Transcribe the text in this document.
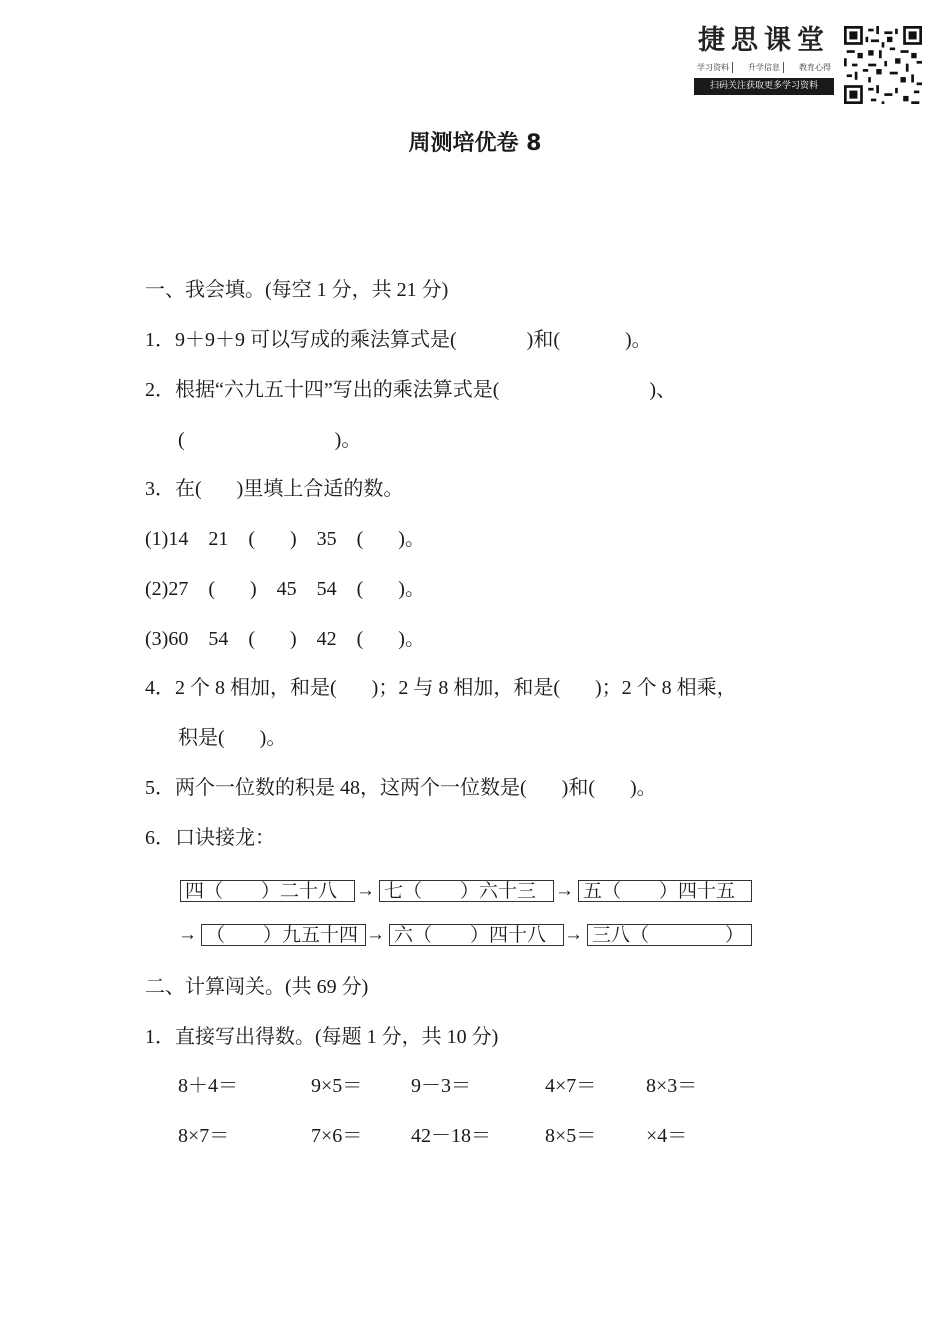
捷思课堂
学习资料	升学信息	教育心得
扫码关注获取更多学习资料
周测培优卷 8
一、我会填。(每空 1 分，共 21 分)
1．9＋9＋9 可以写成的乘法算式是(              )和(             )。
2．根据“六九五十四”写出的乘法算式是(                              )、
(                              )。
3．在(       )里填上合适的数。
(1)14    21    (       )    35    (       )。
(2)27    (       )    45    54    (       )。
(3)60    54    (       )    42    (       )。
4．2 个 8 相加，和是(       )；2 与 8 相加，和是(       )；2 个 8 相乘，
积是(       )。
5．两个一位数的积是 48，这两个一位数是(       )和(       )。
6．口诀接龙：
四（　　）二十八 → 七（　　）六十三 → 五（　　）四十五
→ （　　）九五十四 → 六（　　）四十八 → 三八（　　　　）
二、计算闯关。(共 69 分)
1．直接写出得数。(每题 1 分，共 10 分)
8＋4＝	9×5＝ 9－3＝	4×7＝ 8×3＝
8×7＝	7×6＝ 42－18＝	8×5＝ ×4＝
